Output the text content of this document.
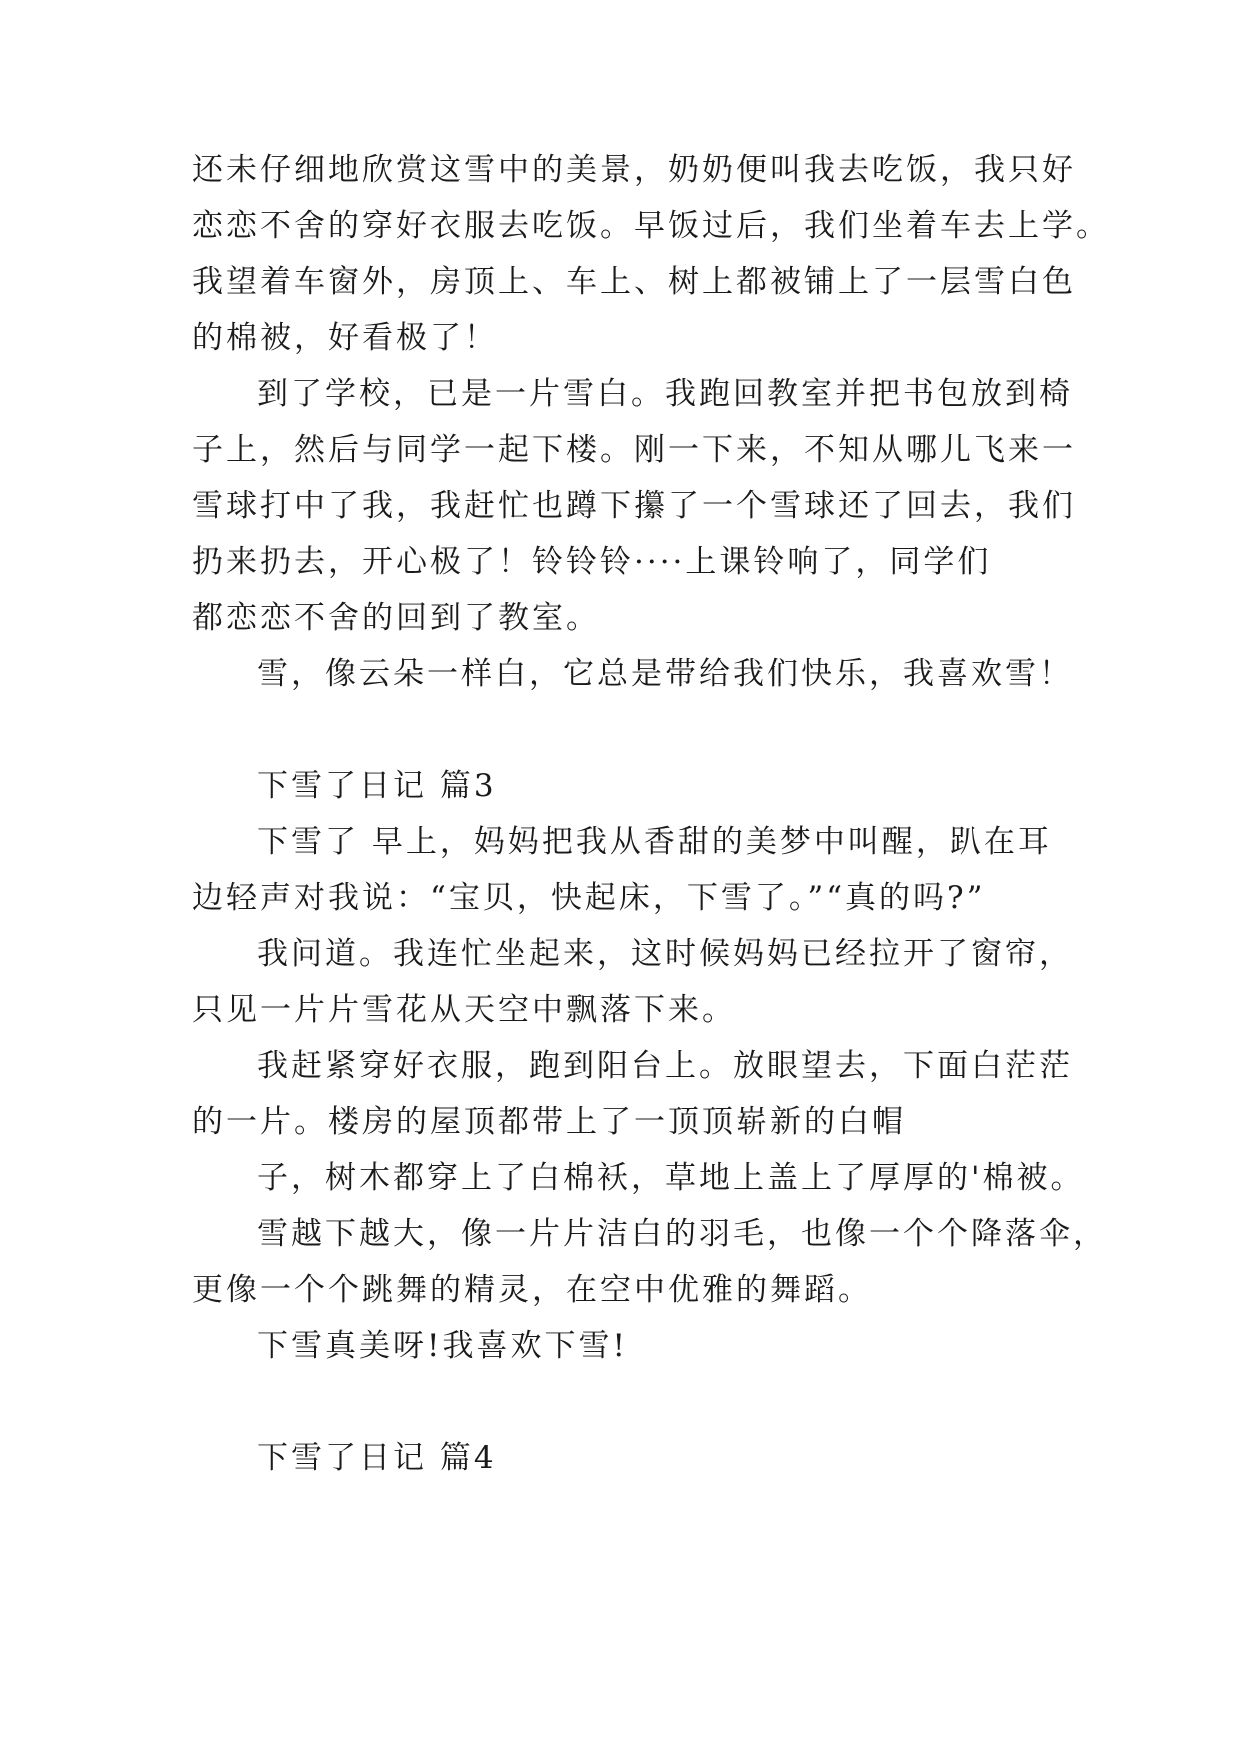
还未仔细地欣赏这雪中的美景，奶奶便叫我去吃饭，我只好
恋恋不舍的穿好衣服去吃饭。早饭过后，我们坐着车去上学。
我望着车窗外，房顶上、车上、树上都被铺上了一层雪白色
的棉被，好看极了！
到了学校，已是一片雪白。我跑回教室并把书包放到椅
子上，然后与同学一起下楼。刚一下来，不知从哪儿飞来一
雪球打中了我，我赶忙也蹲下攥了一个雪球还了回去，我们
扔来扔去，开心极了！铃铃铃····上课铃响了，同学们
都恋恋不舍的回到了教室。
雪，像云朵一样白，它总是带给我们快乐，我喜欢雪！
下雪了日记 篇3
下雪了 早上，妈妈把我从香甜的美梦中叫醒，趴在耳
边轻声对我说：“宝贝，快起床，下雪了。”“真的吗?”
我问道。我连忙坐起来，这时候妈妈已经拉开了窗帘，
只见一片片雪花从天空中飘落下来。
我赶紧穿好衣服，跑到阳台上。放眼望去，下面白茫茫
的一片。楼房的屋顶都带上了一顶顶崭新的白帽
子，树木都穿上了白棉袄，草地上盖上了厚厚的'棉被。
雪越下越大，像一片片洁白的羽毛，也像一个个降落伞，
更像一个个跳舞的精灵，在空中优雅的舞蹈。
下雪真美呀!我喜欢下雪!
下雪了日记 篇4
